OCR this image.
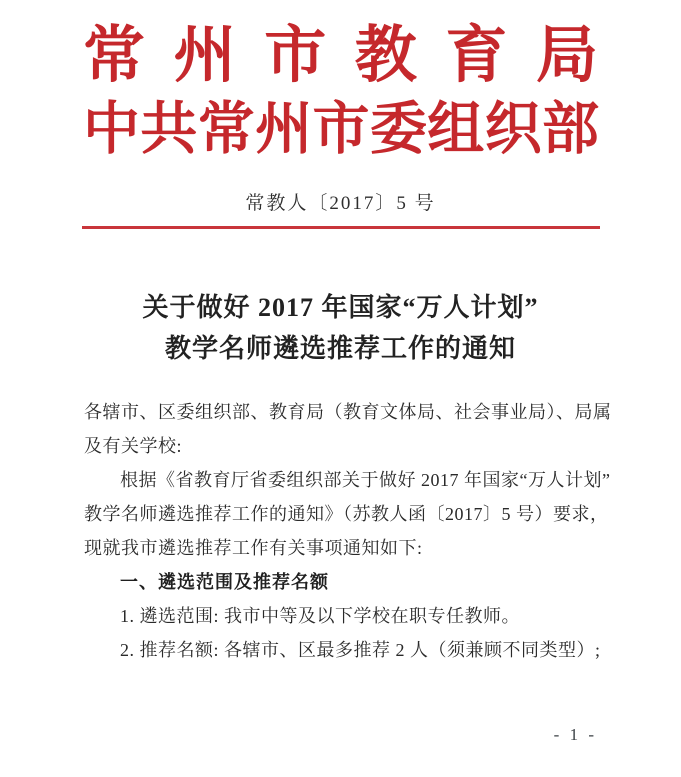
常州市教育局
中共常州市委组织部
常教人〔2017〕5 号
关于做好 2017 年国家“万人计划”
教学名师遴选推荐工作的通知

各辖市、区委组织部、教育局（教育文体局、社会事业局）、局属

及有关学校:

根据《省教育厅省委组织部关于做好 2017 年国家“万人计划”

教学名师遴选推荐工作的通知》（苏教人函〔2017〕5 号）要求，

现就我市遴选推荐工作有关事项通知如下:

一、遴选范围及推荐名额

1. 遴选范围: 我市中等及以下学校在职专任教师。

2. 推荐名额: 各辖市、区最多推荐 2 人（须兼顾不同类型）;

- 1 -
